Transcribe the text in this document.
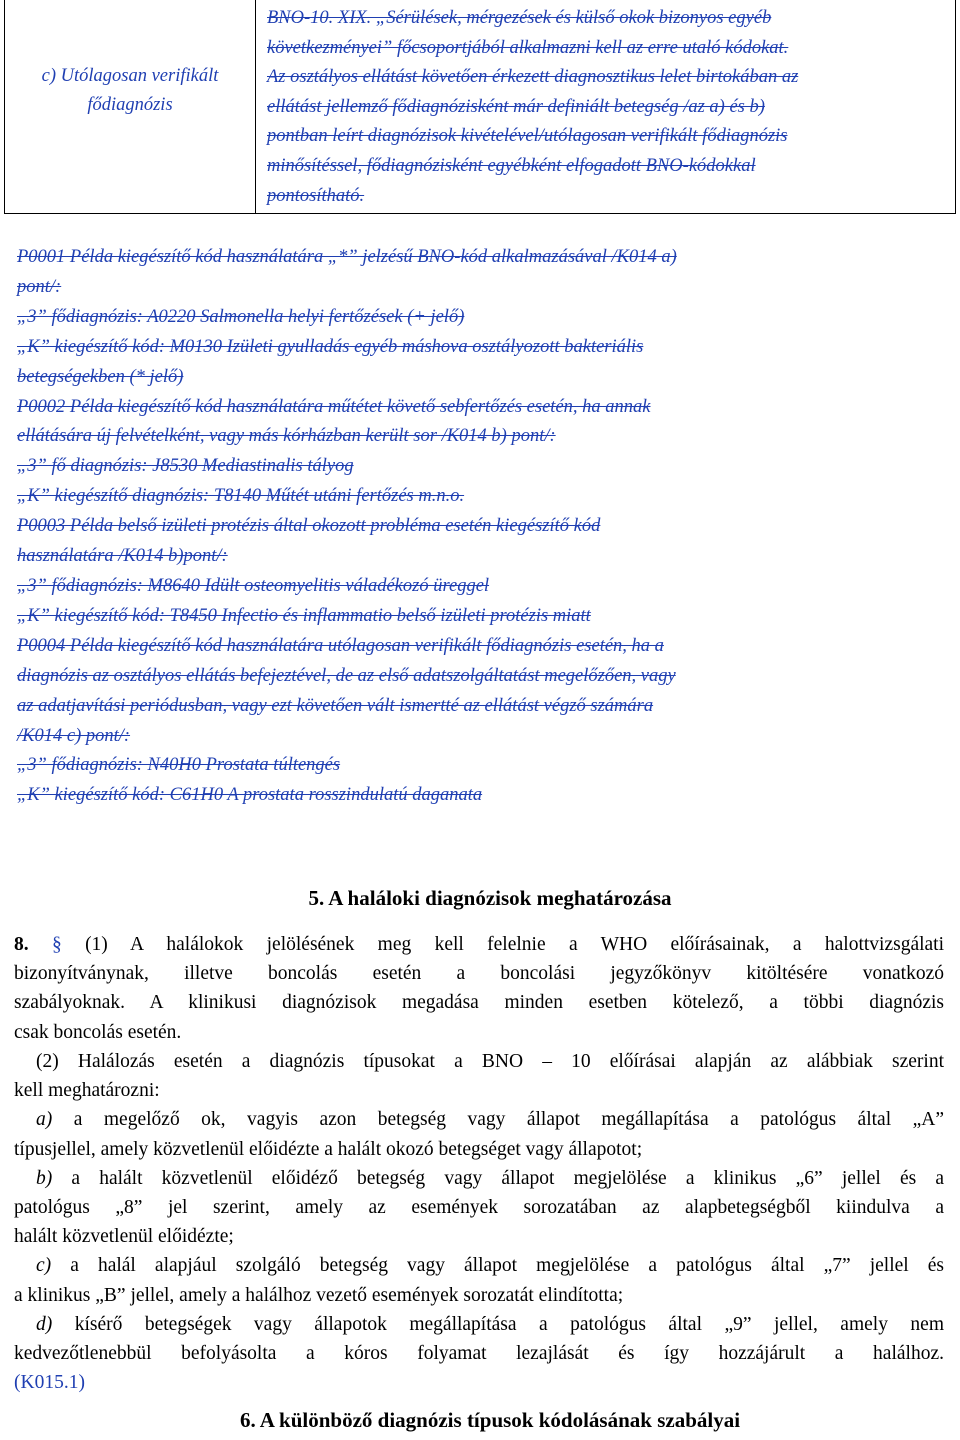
c) Utólagosan verifikált
fődiagnózis
BNO-10. XIX. „Sérülések, mérgezések és külső okok bizonyos egyéb
következményei” főcsoportjából alkalmazni kell az erre utaló kódokat.
Az osztályos ellátást követően érkezett diagnosztikus lelet birtokában az
ellátást jellemző fődiagnózisként már definiált betegség /az a) és b)
pontban leírt diagnózisok kivételével/utólagosan verifikált fődiagnózis
minősítéssel, fődiagnózisként egyébként elfogadott BNO-kódokkal
pontosítható.
P0001 Példa kiegészítő kód használatára „*” jelzésű BNO-kód alkalmazásával /K014 a)
pont/:
„3” fődiagnózis: A0220 Salmonella helyi fertőzések (+ jelő)
„K” kiegészítő kód: M0130 Izületi gyulladás egyéb máshova osztályozott bakteriális
betegségekben (* jelő)
P0002 Példa kiegészítő kód használatára műtétet követő sebfertőzés esetén, ha annak
ellátására új felvételként, vagy más kórházban került sor /K014 b) pont/:
„3” fő diagnózis: J8530 Mediastinalis tályog
„K” kiegészítő diagnózis: T8140 Műtét utáni fertőzés m.n.o.
P0003 Példa belső izületi protézis által okozott probléma esetén kiegészítő kód
használatára /K014 b)pont/:
„3” fődiagnózis: M8640 Idült osteomyelitis váladékozó üreggel
„K” kiegészítő kód: T8450 Infectio és inflammatio belső izületi protézis miatt
P0004 Példa kiegészítő kód használatára utólagosan verifikált fődiagnózis esetén, ha a
diagnózis az osztályos ellátás befejeztével, de az első adatszolgáltatást megelőzően, vagy
az adatjavítási periódusban, vagy ezt követően vált ismertté az ellátást végző számára
/K014 c) pont/:
„3” fődiagnózis: N40H0 Prostata túltengés
„K” kiegészítő kód: C61H0 A prostata rosszindulatú daganata
5. A haláloki diagnózisok meghatározása
8. § (1) A halálokok jelölésének meg kell felelnie a WHO előírásainak, a halottvizsgálati
bizonyítványnak, illetve boncolás esetén a boncolási jegyzőkönyv kitöltésére vonatkozó
szabályoknak. A klinikusi diagnózisok megadása minden esetben kötelező, a többi diagnózis
csak boncolás esetén.
(2) Halálozás esetén a diagnózis típusokat a BNO – 10 előírásai alapján az alábbiak szerint
kell meghatározni:
a) a megelőző ok, vagyis azon betegség vagy állapot megállapítása a patológus által „A”
típusjellel, amely közvetlenül előidézte a halált okozó betegséget vagy állapotot;
b) a halált közvetlenül előidéző betegség vagy állapot megjelölése a klinikus „6” jellel és a
patológus „8” jel szerint, amely az események sorozatában az alapbetegségből kiindulva a
halált közvetlenül előidézte;
c) a halál alapjául szolgáló betegség vagy állapot megjelölése a patológus által „7” jellel és
a klinikus „B” jellel, amely a halálhoz vezető események sorozatát elindította;
d) kísérő betegségek vagy állapotok megállapítása a patológus által „9” jellel, amely nem
kedvezőtlenebbül befolyásolta a kóros folyamat lezajlását és így hozzájárult a halálhoz.
(K015.1)
6. A különböző diagnózis típusok kódolásának szabályai
